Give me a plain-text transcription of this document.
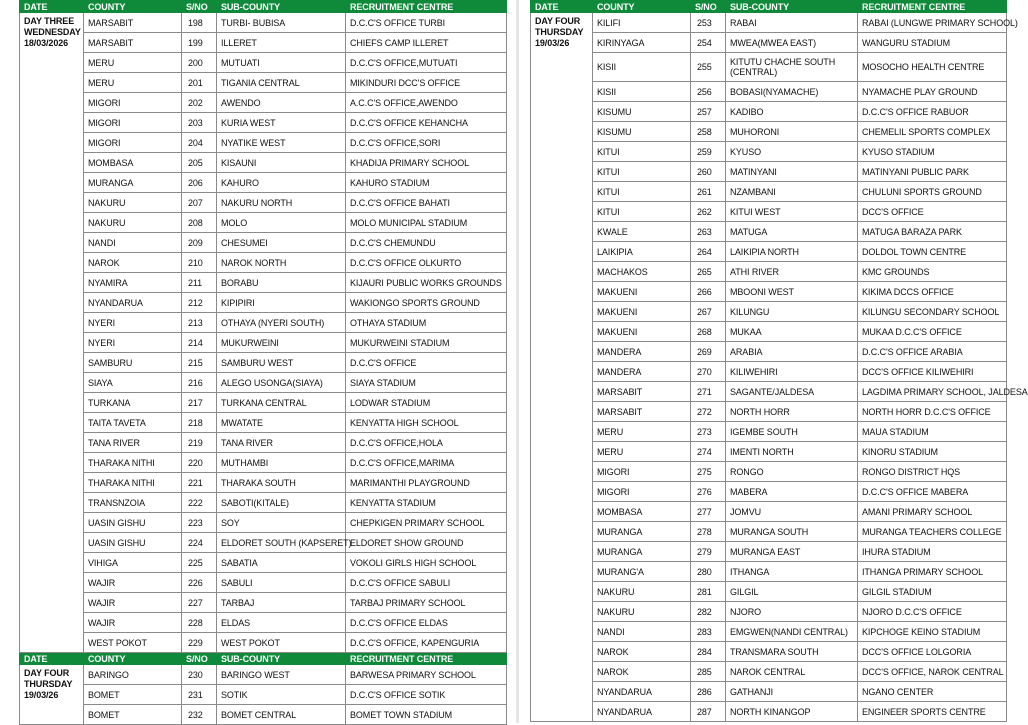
DATE	COUNTY	S/NO	SUB-COUNTY	RECRUITMENT CENTRE

DAY THREE
WEDNESDAY
18/03/2026	MARSABIT	198	TURBI- BUBISA	D.C.C'S OFFICE TURBI
	MARSABIT	199	ILLERET	CHIEFS CAMP ILLERET
	MERU	200	MUTUATI	D.C.C'S OFFICE,MUTUATI
	MERU	201	TIGANIA CENTRAL	MIKINDURI DCC'S OFFICE
	MIGORI	202	AWENDO	A.C.C'S OFFICE,AWENDO
	MIGORI	203	KURIA WEST	D.C.C'S OFFICE KEHANCHA
	MIGORI	204	NYATIKE WEST	D.C.C'S OFFICE,SORI
	MOMBASA	205	KISAUNI	KHADIJA PRIMARY SCHOOL
	MURANGA	206	KAHURO	KAHURO STADIUM
	NAKURU	207	NAKURU NORTH	D.C.C'S OFFICE BAHATI
	NAKURU	208	MOLO	MOLO MUNICIPAL STADIUM
	NANDI	209	CHESUMEI	D.C.C'S CHEMUNDU
	NAROK	210	NAROK NORTH	D.C.C'S OFFICE OLKURTO
	NYAMIRA	211	BORABU	KIJAURI PUBLIC WORKS GROUNDS
	NYANDARUA	212	KIPIPIRI	WAKIONGO SPORTS GROUND
	NYERI	213	OTHAYA (NYERI SOUTH)	OTHAYA STADIUM
	NYERI	214	MUKURWEINI	MUKURWEINI STADIUM
	SAMBURU	215	SAMBURU WEST	D.C.C'S OFFICE
	SIAYA	216	ALEGO USONGA(SIAYA)	SIAYA STADIUM
	TURKANA	217	TURKANA CENTRAL	LODWAR STADIUM
	TAITA TAVETA	218	MWATATE	KENYATTA HIGH SCHOOL
	TANA RIVER	219	TANA RIVER	D.C.C'S OFFICE,HOLA
	THARAKA NITHI	220	MUTHAMBI	D.C.C'S OFFICE,MARIMA
	THARAKA NITHI	221	THARAKA SOUTH	MARIMANTHI PLAYGROUND
	TRANSNZOIA	222	SABOTI(KITALE)	KENYATTA STADIUM
	UASIN GISHU	223	SOY	CHEPKIGEN PRIMARY SCHOOL
	UASIN GISHU	224	ELDORET SOUTH (KAPSERET)	ELDORET SHOW GROUND
	VIHIGA	225	SABATIA	VOKOLI GIRLS HIGH SCHOOL
	WAJIR	226	SABULI	D.C.C'S OFFICE SABULI
	WAJIR	227	TARBAJ	TARBAJ PRIMARY SCHOOL
	WAJIR	228	ELDAS	D.C.C'S OFFICE ELDAS
	WEST POKOT	229	WEST POKOT	D.C.C'S OFFICE, KAPENGURIA
DATE	COUNTY	S/NO	SUB-COUNTY	RECRUITMENT CENTRE

DAY FOUR
THURSDAY
19/03/26	BARINGO	230	BARINGO WEST	BARWESA PRIMARY SCHOOL
	BOMET	231	SOTIK	D.C.C'S OFFICE SOTIK
	BOMET	232	BOMET CENTRAL	BOMET TOWN STADIUM
DATE	COUNTY	S/NO	SUB-COUNTY	RECRUITMENT CENTRE

DAY FOUR
THURSDAY
19/03/26	KILIFI	253	RABAI	RABAI (LUNGWE PRIMARY SCHOOL)
	KIRINYAGA	254	MWEA(MWEA EAST)	WANGURU STADIUM
	KISII	255	KITUTU CHACHE SOUTH (CENTRAL)	MOSOCHO HEALTH CENTRE
	KISII	256	BOBASI(NYAMACHE)	NYAMACHE PLAY GROUND
	KISUMU	257	KADIBO	D.C.C'S OFFICE RABUOR
	KISUMU	258	MUHORONI	CHEMELIL SPORTS COMPLEX
	KITUI	259	KYUSO	KYUSO STADIUM
	KITUI	260	MATINYANI	MATINYANI PUBLIC PARK
	KITUI	261	NZAMBANI	CHULUNI SPORTS GROUND
	KITUI	262	KITUI WEST	DCC'S OFFICE
	KWALE	263	MATUGA	MATUGA BARAZA PARK
	LAIKIPIA	264	LAIKIPIA NORTH	DOLDOL TOWN CENTRE
	MACHAKOS	265	ATHI RIVER	KMC GROUNDS
	MAKUENI	266	MBOONI WEST	KIKIMA DCCS OFFICE
	MAKUENI	267	KILUNGU	KILUNGU SECONDARY SCHOOL
	MAKUENI	268	MUKAA	MUKAA D.C.C'S OFFICE
	MANDERA	269	ARABIA	D.C.C'S OFFICE ARABIA
	MANDERA	270	KILIWEHIRI	DCC'S OFFICE KILIWEHIRI
	MARSABIT	271	SAGANTE/JALDESA	LAGDIMA PRIMARY SCHOOL, JALDESA
	MARSABIT	272	NORTH HORR	NORTH HORR D.C.C'S OFFICE
	MERU	273	IGEMBE SOUTH	MAUA STADIUM
	MERU	274	IMENTI NORTH	KINORU STADIUM
	MIGORI	275	RONGO	RONGO DISTRICT HQS
	MIGORI	276	MABERA	D.C.C'S OFFICE MABERA
	MOMBASA	277	JOMVU	AMANI PRIMARY SCHOOL
	MURANGA	278	MURANGA SOUTH	MURANGA TEACHERS COLLEGE
	MURANGA	279	MURANGA EAST	IHURA STADIUM
	MURANG'A	280	ITHANGA	ITHANGA PRIMARY SCHOOL
	NAKURU	281	GILGIL	GILGIL STADIUM
	NAKURU	282	NJORO	NJORO D.C.C'S OFFICE
	NANDI	283	EMGWEN(NANDI CENTRAL)	KIPCHOGE KEINO STADIUM
	NAROK	284	TRANSMARA SOUTH	DCC'S OFFICE LOLGORIA
	NAROK	285	NAROK CENTRAL	DCC'S OFFICE, NAROK CENTRAL
	NYANDARUA	286	GATHANJI	NGANO CENTER
	NYANDARUA	287	NORTH KINANGOP	ENGINEER SPORTS CENTRE
